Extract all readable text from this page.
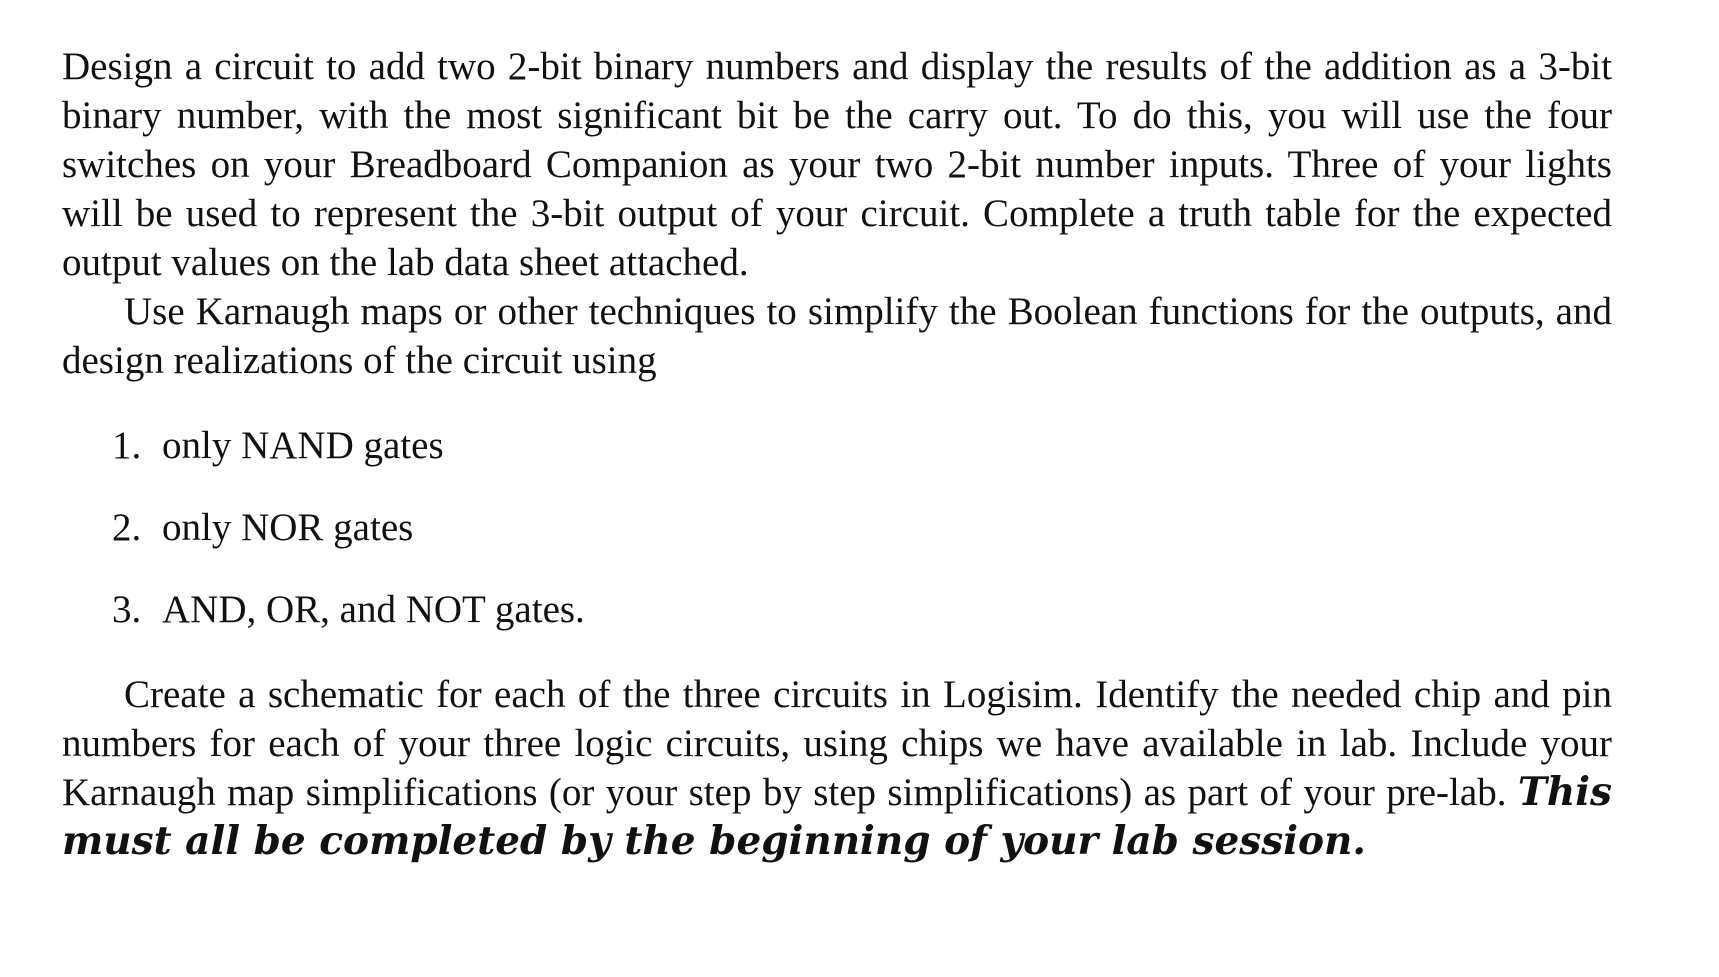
Design a circuit to add two 2-bit binary numbers and display the results of the addition as a 3-bit binary number, with the most significant bit be the carry out. To do this, you will use the four switches on your Breadboard Companion as your two 2-bit number inputs. Three of your lights will be used to represent the 3-bit output of your circuit. Complete a truth table for the expected output values on the lab data sheet attached.

Use Karnaugh maps or other techniques to simplify the Boolean functions for the outputs, and design realizations of the circuit using

1. only NAND gates
2. only NOR gates
3. AND, OR, and NOT gates.

Create a schematic for each of the three circuits in Logisim. Identify the needed chip and pin numbers for each of your three logic circuits, using chips we have available in lab. Include your Karnaugh map simplifications (or your step by step simplifications) as part of your pre-lab. This must all be completed by the beginning of your lab session.
